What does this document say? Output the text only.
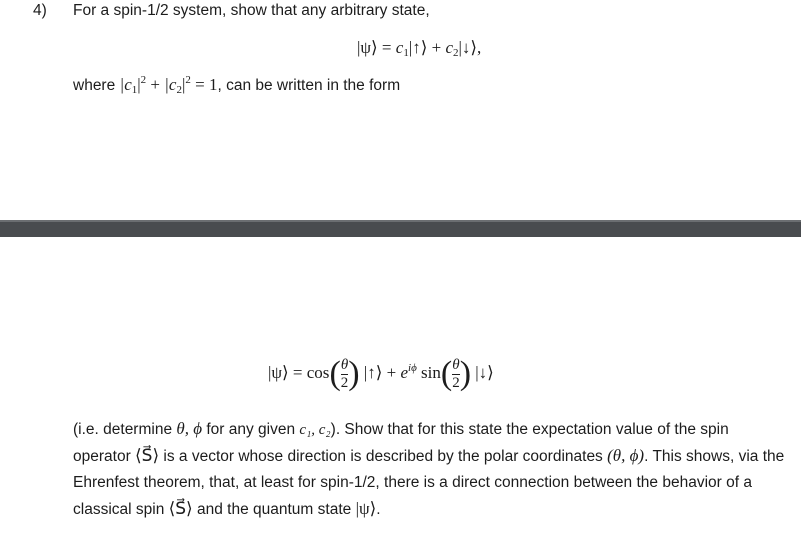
4) For a spin-1/2 system, show that any arbitrary state,
|ψ⟩ = $c_1|↑⟩$ + $c_2|↓⟩$,
where $|c_1|^2 + |c_2|^2 = 1$, can be written in the form
|ψ⟩ = $\cos( \frac{\theta}{2}$ ) |↑⟩ + $e^{i\phi}$ $\sin( \frac{\theta}{2}$ ) |↓⟩
(i.e. determine θ, ϕ for any given c₁, c₂). Show that for this state the expectation value of the spin operator ⟨S⃗⟩ is a vector whose direction is described by the polar coordinates (θ, ϕ). This shows, via the Ehrenfest theorem, that, at least for spin-1/2, there is a direct connection between the behavior of a classical spin ⟨S⃗⟩ and the quantum state |ψ⟩.
